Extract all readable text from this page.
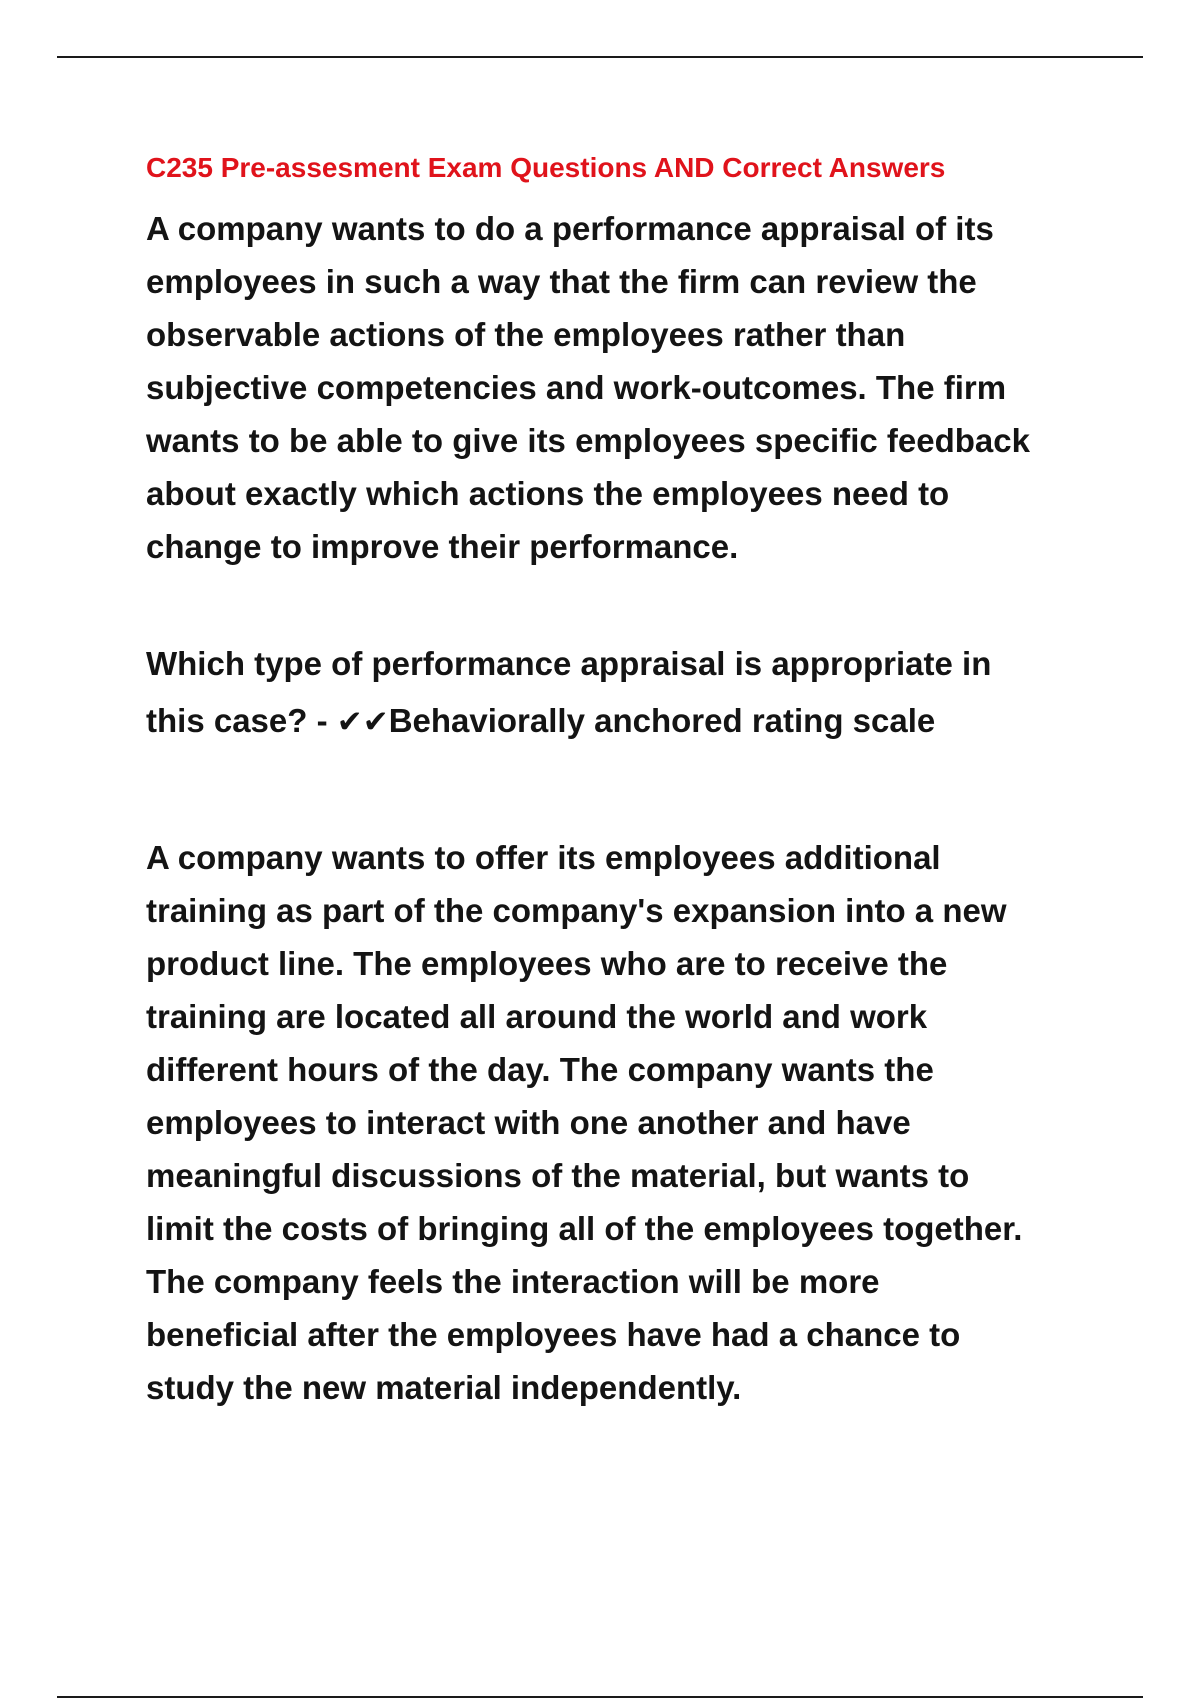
C235 Pre-assesment Exam Questions AND Correct Answers

A company wants to do a performance appraisal of its
employees in such a way that the firm can review the
observable actions of the employees rather than
subjective competencies and work-outcomes. The firm
wants to be able to give its employees specific feedback
about exactly which actions the employees need to
change to improve their performance.

Which type of performance appraisal is appropriate in
this case? - ✔✔Behaviorally anchored rating scale

A company wants to offer its employees additional
training as part of the company's expansion into a new
product line. The employees who are to receive the
training are located all around the world and work
different hours of the day. The company wants the
employees to interact with one another and have
meaningful discussions of the material, but wants to
limit the costs of bringing all of the employees together.
The company feels the interaction will be more
beneficial after the employees have had a chance to
study the new material independently.
